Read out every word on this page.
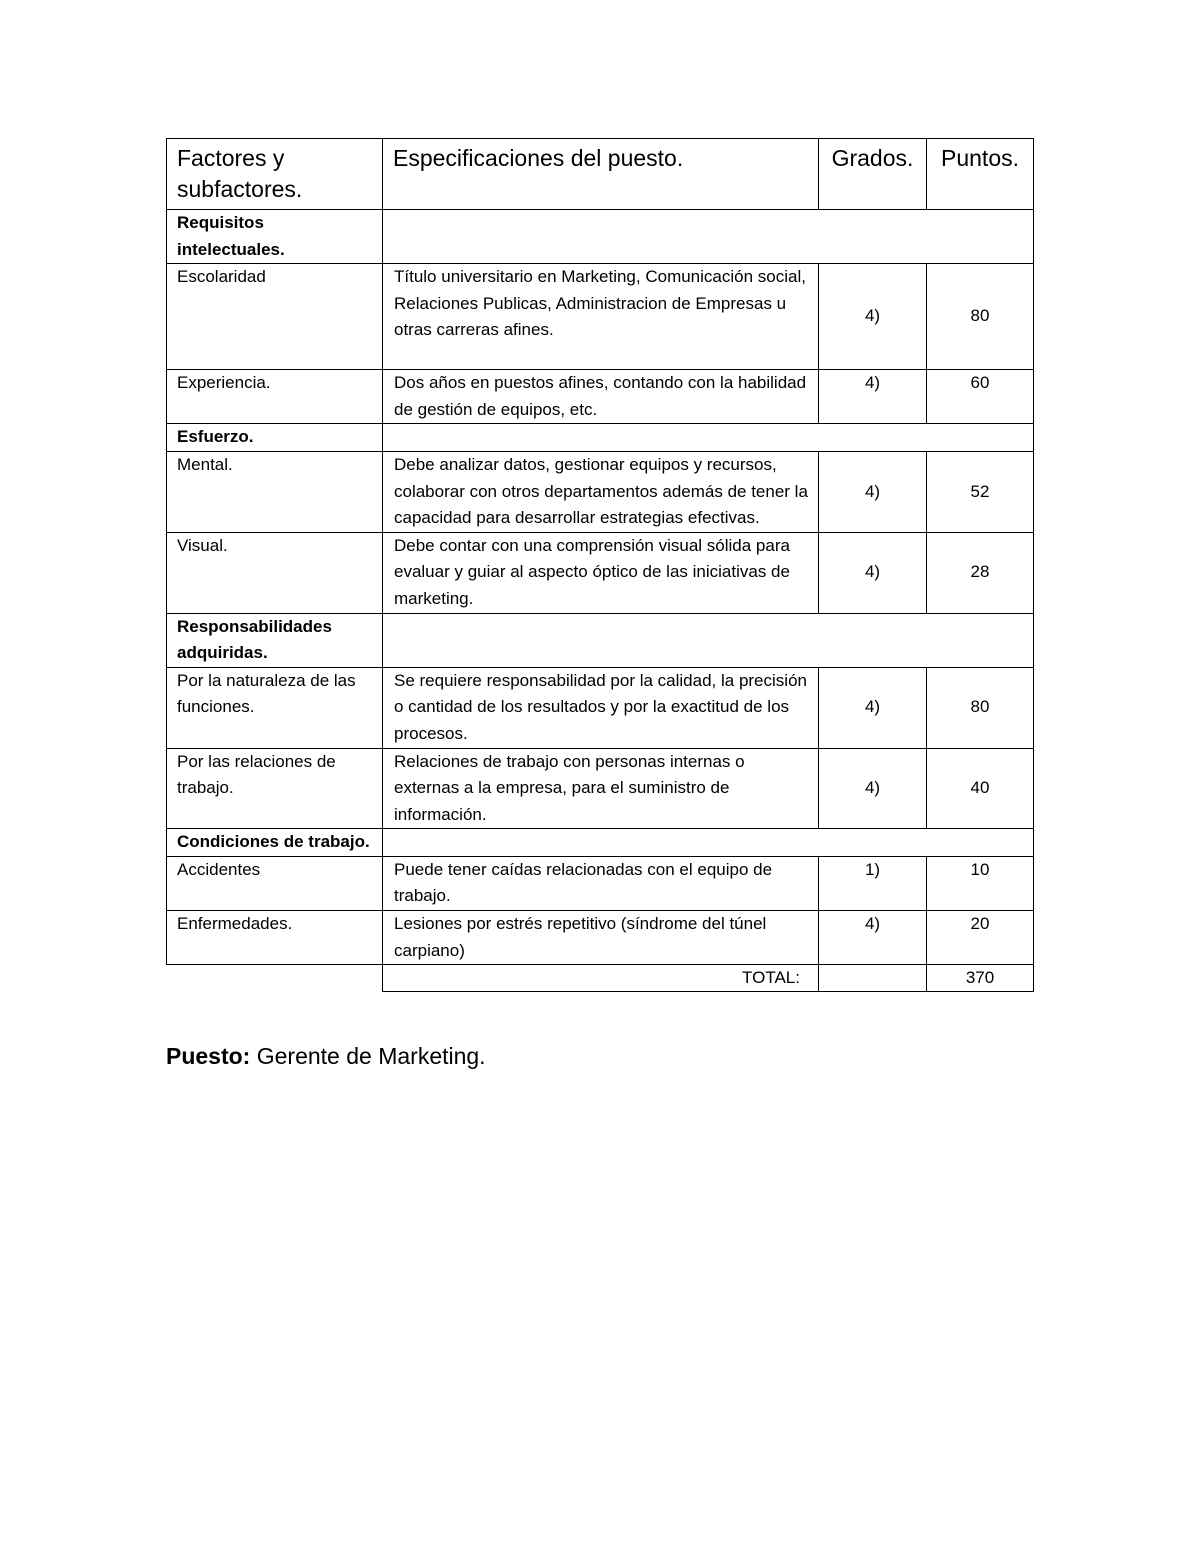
Factores y subfactores.	Especificaciones del puesto.	Grados.	Puntos.
Requisitos intelectuales.			
Escolaridad	Título universitario en Marketing, Comunicación social, Relaciones Publicas, Administracion de Empresas u otras carreras afines.	4)	80
Experiencia.	Dos años en puestos afines, contando con la habilidad de gestión de equipos, etc.	4)	60
Esfuerzo.			
Mental.	Debe analizar datos, gestionar equipos y recursos, colaborar con otros departamentos además de tener la capacidad para desarrollar estrategias efectivas.	4)	52
Visual.	Debe contar con una comprensión visual sólida para evaluar y guiar al aspecto óptico de las iniciativas de marketing.	4)	28
Responsabilidades adquiridas.			
Por la naturaleza de las funciones.	Se requiere responsabilidad por la calidad, la precisión o cantidad de los resultados y por la exactitud de los procesos.	4)	80
Por las relaciones de trabajo.	Relaciones de trabajo con personas internas o externas a la empresa, para el suministro de información.	4)	40
Condiciones de trabajo.			
Accidentes	Puede tener caídas relacionadas con el equipo de trabajo.	1)	10
Enfermedades.	Lesiones por estrés repetitivo (síndrome del túnel carpiano)	4)	20
	TOTAL:		370
Puesto: Gerente de Marketing.
